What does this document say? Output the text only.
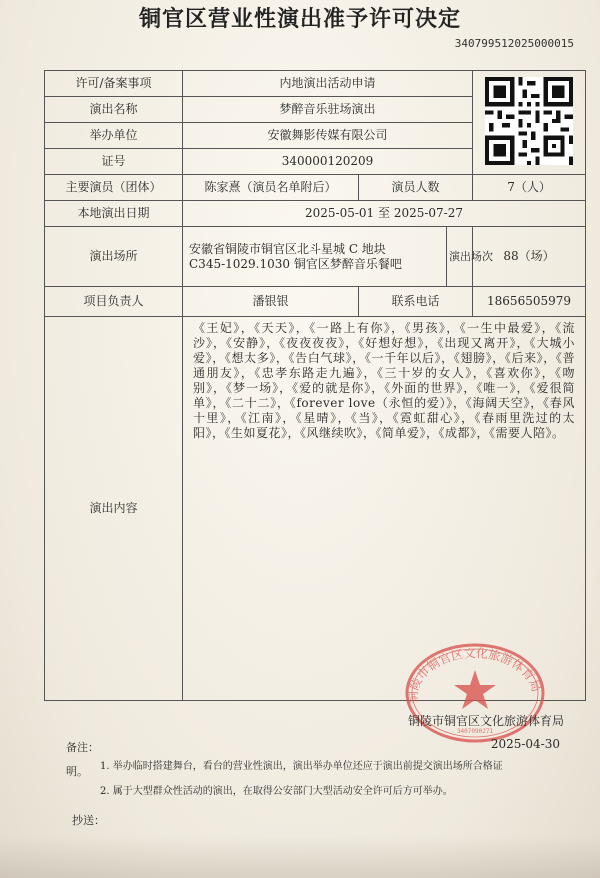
铜官区营业性演出准予许可决定
340799512025000015
许可/备案事项	内地演出活动申请	
演出名称	梦醉音乐驻场演出			
举办单位	安徽舞影传媒有限公司			
证号	340000120209			
主要演员（团体）	陈家熹（演员名单附后）	演员人数		7（人）
本地演出日期	2025-05-01 至 2025-07-27			
演出场所	安徽省铜陵市铜官区北斗星城 C 地块
C345-1029.1030 铜官区梦醉音乐餐吧		演出场次	88（场）
项目负责人	潘银银	联系电话		18656505979
演出内容	《王妃》，《天天》，《一路上有你》，《男孩》，《一生中最爱》，《流沙》，《安静》，《夜夜夜夜》，《好想好想》，《出现又离开》，《大城小爱》，《想太多》，《告白气球》，《一千年以后》，《翅膀》，《后来》，《普通朋友》，《忠孝东路走九遍》，《三十岁的女人》，《喜欢你》，《吻别》，《梦一场》，《爱的就是你》，《外面的世界》，《唯一》，《爱很简单》，《二十二》，《forever love（永恒的爱）》，《海阔天空》，《春风十里》，《江南》，《星晴》，《当》，《霓虹甜心》，《春雨里洗过的太阳》，《生如夏花》，《风继续吹》，《简单爱》，《成都》，《需要人陪》。			
铜陵市铜官区文化旅游体育局
3407090271
铜陵市铜官区文化旅游体育局
2025-04-30
备注：
1. 举办临时搭建舞台，看台的营业性演出，演出举办单位还应于演出前提交演出场所合格证
明。
2. 属于大型群众性活动的演出，在取得公安部门大型活动安全许可后方可举办。
抄送：
